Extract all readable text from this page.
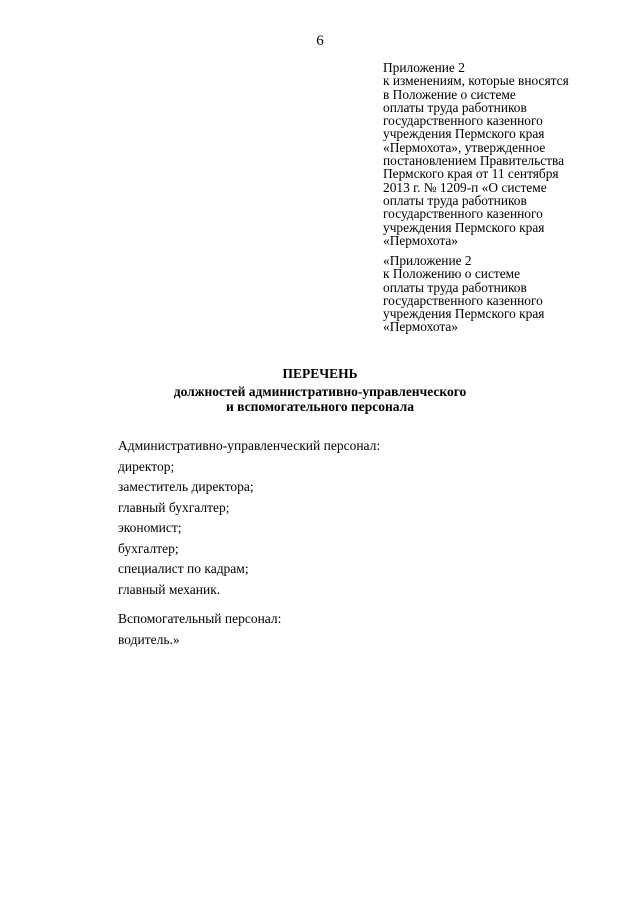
6
Приложение 2
к изменениям, которые вносятся
в Положение о системе
оплаты труда работников
государственного казенного
учреждения Пермского края
«Пермохота», утвержденное
постановлением Правительства
Пермского края от 11 сентября
2013 г. № 1209-п «О системе
оплаты труда работников
государственного казенного
учреждения Пермского края
«Пермохота»
«Приложение 2
к Положению о системе
оплаты труда работников
государственного казенного
учреждения Пермского края
«Пермохота»
ПЕРЕЧЕНЬ
должностей административно-управленческого
и вспомогательного персонала
Административно-управленческий персонал:
директор;
заместитель директора;
главный бухгалтер;
экономист;
бухгалтер;
специалист по кадрам;
главный механик.
Вспомогательный персонал:
водитель.»
